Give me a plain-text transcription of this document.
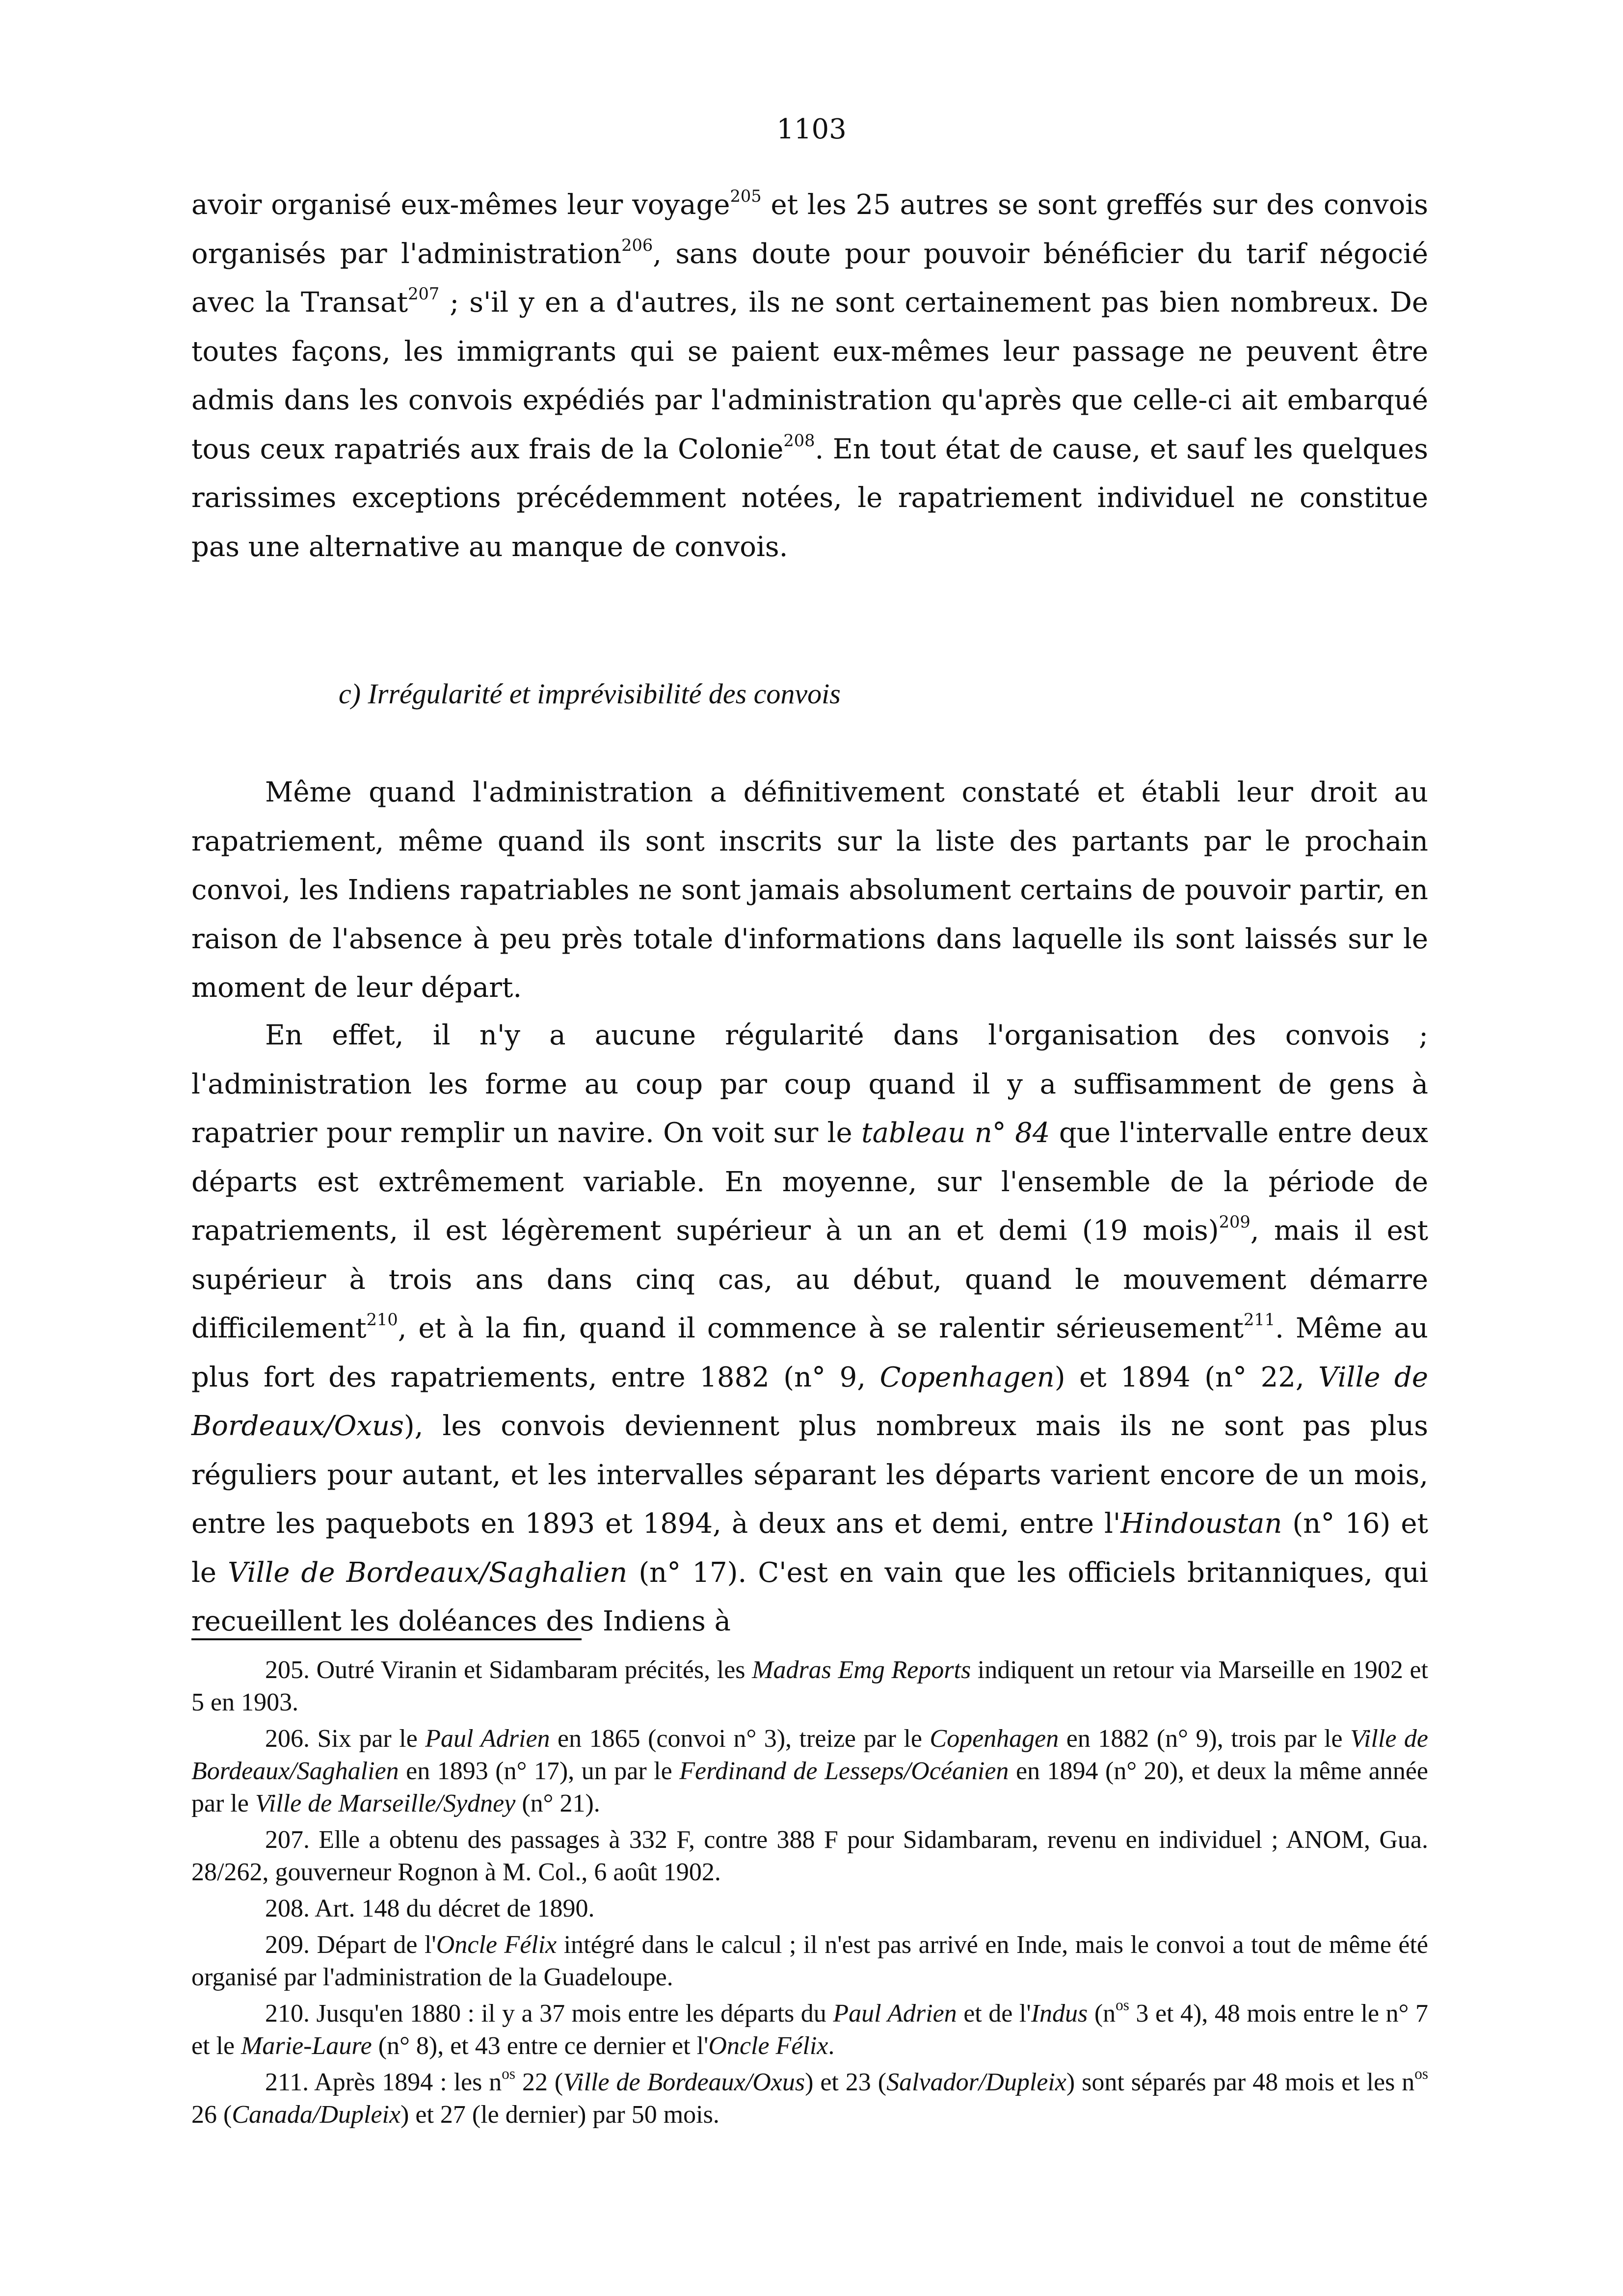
1103

avoir organisé eux-mêmes leur voyage$^{205}$ et les 25 autres se sont greffés sur des convois organisés par l'administration$^{206}$, sans doute pour pouvoir bénéficier du tarif négocié avec la Transat$^{207}$ ; s'il y en a d'autres, ils ne sont certainement pas bien nombreux. De toutes façons, les immigrants qui se paient eux-mêmes leur passage ne peuvent être admis dans les convois expédiés par l'administration qu'après que celle-ci ait embarqué tous ceux rapatriés aux frais de la Colonie$^{208}$. En tout état de cause, et sauf les quelques rarissimes exceptions précédemment notées, le rapatriement individuel ne constitue pas une alternative au manque de convois.

c) Irrégularité et imprévisibilité des convois

Même quand l'administration a définitivement constaté et établi leur droit au rapatriement, même quand ils sont inscrits sur la liste des partants par le prochain convoi, les Indiens rapatriables ne sont jamais absolument certains de pouvoir partir, en raison de l'absence à peu près totale d'informations dans laquelle ils sont laissés sur le moment de leur départ.

En effet, il n'y a aucune régularité dans l'organisation des convois ; l'administration les forme au coup par coup quand il y a suffisamment de gens à rapatrier pour remplir un navire. On voit sur le tableau n° 84 que l'intervalle entre deux départs est extrêmement variable. En moyenne, sur l'ensemble de la période de rapatriements, il est légèrement supérieur à un an et demi (19 mois)$^{209}$, mais il est supérieur à trois ans dans cinq cas, au début, quand le mouvement démarre difficilement$^{210}$, et à la fin, quand il commence à se ralentir sérieusement$^{211}$. Même au plus fort des rapatriements, entre 1882 (n° 9, Copenhagen) et 1894 (n° 22, Ville de Bordeaux/Oxus), les convois deviennent plus nombreux mais ils ne sont pas plus réguliers pour autant, et les intervalles séparant les départs varient encore de un mois, entre les paquebots en 1893 et 1894, à deux ans et demi, entre l'Hindoustan (n° 16) et le Ville de Bordeaux/Saghalien (n° 17). C'est en vain que les officiels britanniques, qui recueillent les doléances des Indiens à

205. Outré Viranin et Sidambaram précités, les Madras Emg Reports indiquent un retour via Marseille en 1902 et 5 en 1903.

206. Six par le Paul Adrien en 1865 (convoi n° 3), treize par le Copenhagen en 1882 (n° 9), trois par le Ville de Bordeaux/Saghalien en 1893 (n° 17), un par le Ferdinand de Lesseps/Océanien en 1894 (n° 20), et deux la même année par le Ville de Marseille/Sydney (n° 21).

207. Elle a obtenu des passages à 332 F, contre 388 F pour Sidambaram, revenu en individuel ; ANOM, Gua. 28/262, gouverneur Rognon à M. Col., 6 août 1902.

208. Art. 148 du décret de 1890.

209. Départ de l'Oncle Félix intégré dans le calcul ; il n'est pas arrivé en Inde, mais le convoi a tout de même été organisé par l'administration de la Guadeloupe.

210. Jusqu'en 1880 : il y a 37 mois entre les départs du Paul Adrien et de l'Indus ($n^{os}$ 3 et 4), 48 mois entre le n° 7 et le Marie-Laure (n° 8), et 43 entre ce dernier et l'Oncle Félix.

211. Après 1894 : les $n^{os}$ 22 (Ville de Bordeaux/Oxus) et 23 (Salvador/Dupleix) sont séparés par 48 mois et les $n^{os}$ 26 (Canada/Dupleix) et 27 (le dernier) par 50 mois.
